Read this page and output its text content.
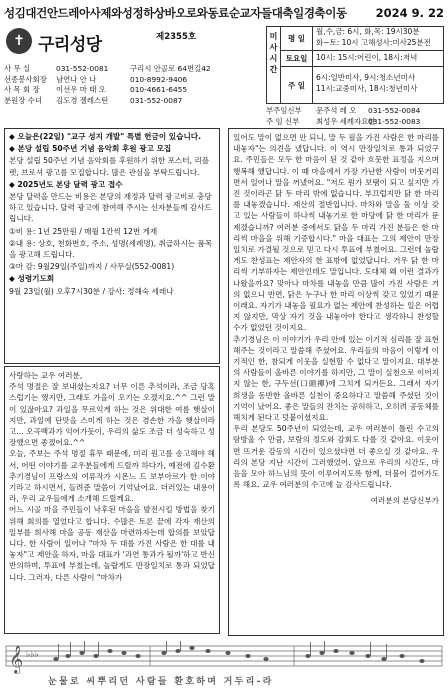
성김대건안드레아사제와성정하상바오로와동료순교자들대축일경축이동	2024 9. 22
✝ 구리성당	제2355호
사 무 실	031-552-0081	구리시 안골로 64번길42
선종봉사회장	남연나 안 나	010-8992-9406
사 목 회 장	이선우 마 태 오	010-4661-6455
분원장 수녀	김도경 젤레스틴	031-552-0087
미
사
시
간
평 일
월,수,금: 6시, 화,목: 19시30분
화~토: 10시 고해성사:미사25분전
토요일	10시: 15시:어린이, 18시:저녁
주 일
6시:일반미사, 9시:청소년미사
11시:교중미사, 18시:청년미사
부주임신부	문주석 레 오	031-552-0084
주 임 신부	최성우 세례자요한
031-552-0083

◆ 오늘은(22일) "교구 성지 개발" 특별 헌금이 있습니다.

◆ 본당 설립 50주년 기념 음악회 후원 광고 모집

본당 설립 50주년 기념 음악회를 후원하기 위한 포스터, 리플렛, 브로셔 광고를 모집합니다. 많은 관심을 부탁드립니다.

◆ 2025년도 본당 달력 광고 접수

본당 달력을 만드는 비용은 본당의 재정과 달력 광고비로 충당하고 있습니다. 달력 광고에 참여해 주시는 신자분들께 감사드립니다.

①비 용: 1년 25만원 / 매월 1칸씩 12번 게재

②내 용: 상호, 천화번호, 주소, 성명(세례명), 취급하시는 품목을 광고해 드립니다.

③마 감: 9월29일(주일)까지 / 사무실(552-0081)

◆ 성령기도회

9월 23일(월) 오후7시30분 / 강사: 정해숙 세레나

사랑하는 교우 여러분,

주석 명절은 잘 보내셨는지요? 너무 이른 추석이라, 조금 당혹스럽기는 했지만, 그래도 가을이 오기는 오겠지요.^^ 그런 말이 있잖아요? 과일을 무르익게 하는 것은 위대한 여름 햇살이지만, 과일에 단맛을 스미게 하는 것은 겸손한 가을 햇살이라고... 오곡백과가 익어가듯이, 우리의 삶도 조금 더 성숙하고 성장했으면 좋겠어요.^^

오늘, 주보는 주석 명절 휴무 때문에, 미리 원고를 송고해야 해서, 어떤 이야기를 교우분들에게 드릴까 하다가, 예전에 김수환 추기경님이 프랑스의 여류작가 시몬느 드 보부아르가 한 이야기라고 하시면서, 들려준 말씀이 기억났어요. 더러있는 내용이라, 우리 교우들에게 소개해 드릴께요.

어느 시골 마을 주민들이 낙후된 마을을 발전시킬 방법을 찾기 위해 회의를 열었다고 합니다. 수많은 토론 끝에 각자 재산의 일부를 희사해 마을 공동 재산을 마련하자는데 합의를 보았답니다. 한 사람이 일어나 "마차 두 대를 가진 사람은 한 대를 내놓자"고 제안을 하자, 마을 대표가 '과연 통과가 될까'하고 반신반의하며, 투표에 부쳤는데, 놀랍게도 만장일치로 통과 되었답니다. 그러자, 다른 사람이 "마차가

있어도 말이 없으면 안 되니, 말 두 필을 가진 사람은 한 마리를 내놓자"는 의견을 냈답니다. 이 역시 만장일치로 통과 되었구요. 주민들은 모두 한 마음이 된 것 같아 흐뭇한 표정을 지으며 행복해 했답니다. 이 때 마을에서 가장 가난한 사람이 머뭇거리면서 일어나 말을 꺼냈어요. "저도 뭔가 보탬이 되고 싶지만 가진 것이라곤 닭 두 마리 밖에 없습니다. 부끄럽지만 닭 한 마리를 내놓겠습니다. 재산의 절반입니다. 마차와 말을 둘 이상 갖고 있는 사람들이 하나씩 내놓기로 한 마당에 닭 한 마리가 문제겠습니까? 여러분 중에서도 닭을 두 마리 가진 분들은 한 마리씩 마을을 위해 기증합시다." 마을 대표는 그의 제안이 만장일치로 가결될 것으로 믿고 다시 투표에 부쳤어요. 그런데 놀랍게도 찬성표는 제안자의 한 표밖에 없었답니다. 거우 닭 한 마리씩 기부하자는 제안인데도 말입니다. 도대체 왜 이런 결과가 나왔을까요? 맞아나 마차를 내놓을 만큼 많이 가진 사람은 거의 없으니 반면, 닭은 누구나 한 마리 이상씩 갖고 있었기 때문이래요. 자기가 내놓을 필요가 없는 제안에 찬성하는 일은 어렵지 않지만, 막상 자기 것을 내놓아야 한다고 생각하니 찬성할 수가 없었던 것이지요.
추기경님은 이 이야기가 우리 안에 있는 이기적 심리를 잘 표현해주는 것이라고 말씀해 주셨어요. 우리들의 마음이 이렇게 이기적인 한, 참되게 이웃을 실현할 수 없다고 말이지요. 대부분의 사람들이 올바른 이야기를 하지만, 그 말이 실천으로 이어지지 않는 한, 구두선(口頭禪)에 그치게 되거든요. 그래서 자기 희생을 동반한 올바른 실천이 중요하다고 말씀해 주셨던 것이 기억이 났어요. 좋은 말들의 잔치는 공허하고, 오히려 공동체를 해치게 된다고 덧붙이셨지요.
우리 본당도 50주년이 되었는데, 교우 여러분이 틀린 수고의 땀방울 수 만큼, 보람의 정도와 감회도 다를 것 같아요. 이웃이면 뜨거운 감동의 시간이 있으셨다면 더 좋으실 것 같아요. 우리의 본당 지난 시간이 그러했었어. 앞으로 우리의 시간도, 마음을 모아 하느님의 뜻이 이루어지도록 함께, 더불어 걸어가도록 해요. 교우 여러분의 수고에 늘 감사드립니다.
여러분의 본당신부가
𝄞 ♭♭♭
눈물로 씨뿌리던 사람들 환호하며 거두리-라
